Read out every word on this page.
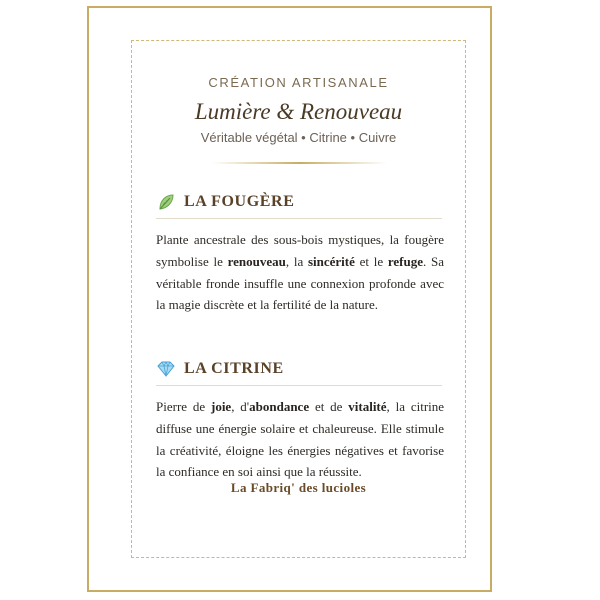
CRÉATION ARTISANALE
Lumière & Renouveau
Véritable végétal • Citrine • Cuivre
LA FOUGÈRE
Plante ancestrale des sous-bois mystiques, la fougère symbolise le renouveau, la sincérité et le refuge. Sa véritable fronde insuffle une connexion profonde avec la magie discrète et la fertilité de la nature.
LA CITRINE
Pierre de joie, d'abondance et de vitalité, la citrine diffuse une énergie solaire et chaleureuse. Elle stimule la créativité, éloigne les énergies négatives et favorise la confiance en soi ainsi que la réussite.
La Fabriq' des lucioles
